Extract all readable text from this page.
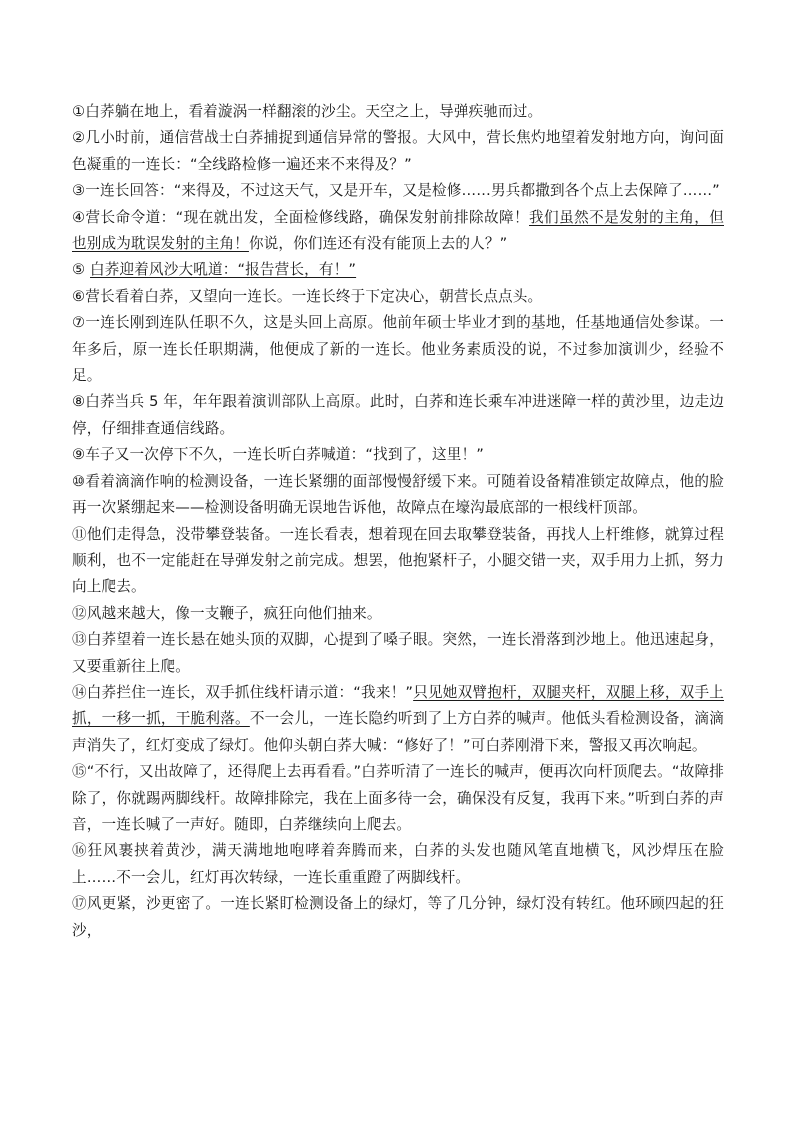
①白荞躺在地上，看着漩涡一样翻滚的沙尘。天空之上，导弹疾驰而过。

②几小时前，通信营战士白荞捕捉到通信异常的警报。大风中，营长焦灼地望着发射地方向，询问面色凝重的一连长：“全线路检修一遍还来不来得及？”

③一连长回答：“来得及，不过这天气，又是开车，又是检修……男兵都撒到各个点上去保障了……”

④营长命令道：“现在就出发，全面检修线路，确保发射前排除故障！我们虽然不是发射的主角，但也别成为耽误发射的主角！你说，你们连还有没有能顶上去的人？”

⑤ 白荞迎着风沙大吼道：“报告营长，有！”

⑥营长看着白荞，又望向一连长。一连长终于下定决心，朝营长点点头。

⑦一连长刚到连队任职不久，这是头回上高原。他前年硕士毕业才到的基地，任基地通信处参谋。一年多后，原一连长任职期满，他便成了新的一连长。他业务素质没的说，不过参加演训少，经验不足。

⑧白荞当兵 5 年，年年跟着演训部队上高原。此时，白荞和连长乘车冲进迷障一样的黄沙里，边走边停，仔细排查通信线路。

⑨车子又一次停下不久，一连长听白荞喊道：“找到了，这里！”

⑩看着滴滴作响的检测设备，一连长紧绷的面部慢慢舒缓下来。可随着设备精准锁定故障点，他的脸再一次紧绷起来——检测设备明确无误地告诉他，故障点在壕沟最底部的一根线杆顶部。

⑪他们走得急，没带攀登装备。一连长看表，想着现在回去取攀登装备，再找人上杆维修，就算过程顺利，也不一定能赶在导弹发射之前完成。想罢，他抱紧杆子，小腿交错一夹，双手用力上抓，努力向上爬去。

⑫风越来越大，像一支鞭子，疯狂向他们抽来。

⑬白荞望着一连长悬在她头顶的双脚，心提到了嗓子眼。突然，一连长滑落到沙地上。他迅速起身，又要重新往上爬。

⑭白荞拦住一连长，双手抓住线杆请示道：“我来！”只见她双臂抱杆，双腿夹杆，双腿上移，双手上抓，一移一抓，干脆利落。不一会儿，一连长隐约听到了上方白荞的喊声。他低头看检测设备，滴滴声消失了，红灯变成了绿灯。他仰头朝白荞大喊：“修好了！”可白荞刚滑下来，警报又再次响起。

⑮“不行，又出故障了，还得爬上去再看看。”白荞听清了一连长的喊声，便再次向杆顶爬去。“故障排除了，你就踢两脚线杆。故障排除完，我在上面多待一会，确保没有反复，我再下来。”听到白荞的声音，一连长喊了一声好。随即，白荞继续向上爬去。

⑯狂风裹挟着黄沙，满天满地地咆哮着奔腾而来，白荞的头发也随风笔直地横飞，风沙焊压在脸上……不一会儿，红灯再次转绿，一连长重重蹬了两脚线杆。

⑰风更紧，沙更密了。一连长紧盯检测设备上的绿灯，等了几分钟，绿灯没有转红。他环顾四起的狂沙，
